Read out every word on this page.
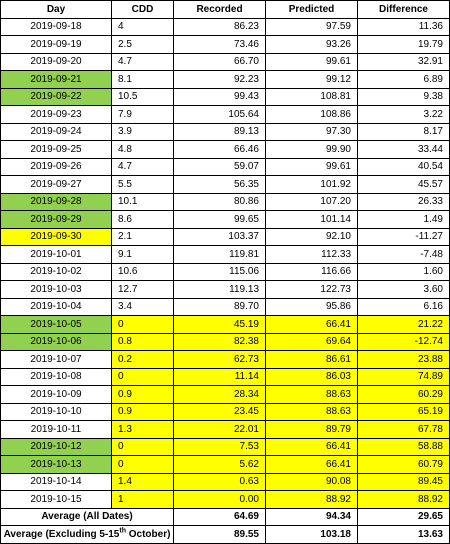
Day	CDD	Recorded	Predicted	Difference
2019-09-18	4	86.23	97.59	11.36
2019-09-19	2.5	73.46	93.26	19.79
2019-09-20	4.7	66.70	99.61	32.91
2019-09-21	8.1	92.23	99.12	6.89
2019-09-22	10.5	99.43	108.81	9.38
2019-09-23	7.9	105.64	108.86	3.22
2019-09-24	3.9	89.13	97.30	8.17
2019-09-25	4.8	66.46	99.90	33.44
2019-09-26	4.7	59.07	99.61	40.54
2019-09-27	5.5	56.35	101.92	45.57
2019-09-28	10.1	80.86	107.20	26.33
2019-09-29	8.6	99.65	101.14	1.49
2019-09-30	2.1	103.37	92.10	-11.27
2019-10-01	9.1	119.81	112.33	-7.48
2019-10-02	10.6	115.06	116.66	1.60
2019-10-03	12.7	119.13	122.73	3.60
2019-10-04	3.4	89.70	95.86	6.16
2019-10-05	0	45.19	66.41	21.22
2019-10-06	0.8	82.38	69.64	-12.74
2019-10-07	0.2	62.73	86.61	23.88
2019-10-08	0	11.14	86.03	74.89
2019-10-09	0.9	28.34	88.63	60.29
2019-10-10	0.9	23.45	88.63	65.19
2019-10-11	1.3	22.01	89.79	67.78
2019-10-12	0	7.53	66.41	58.88
2019-10-13	0	5.62	66.41	60.79
2019-10-14	1.4	0.63	90.08	89.45
2019-10-15	1	0.00	88.92	88.92
Average (All Dates)		64.69	94.34	29.65
Average (Excluding 5-15th October)		89.55	103.18	13.63
